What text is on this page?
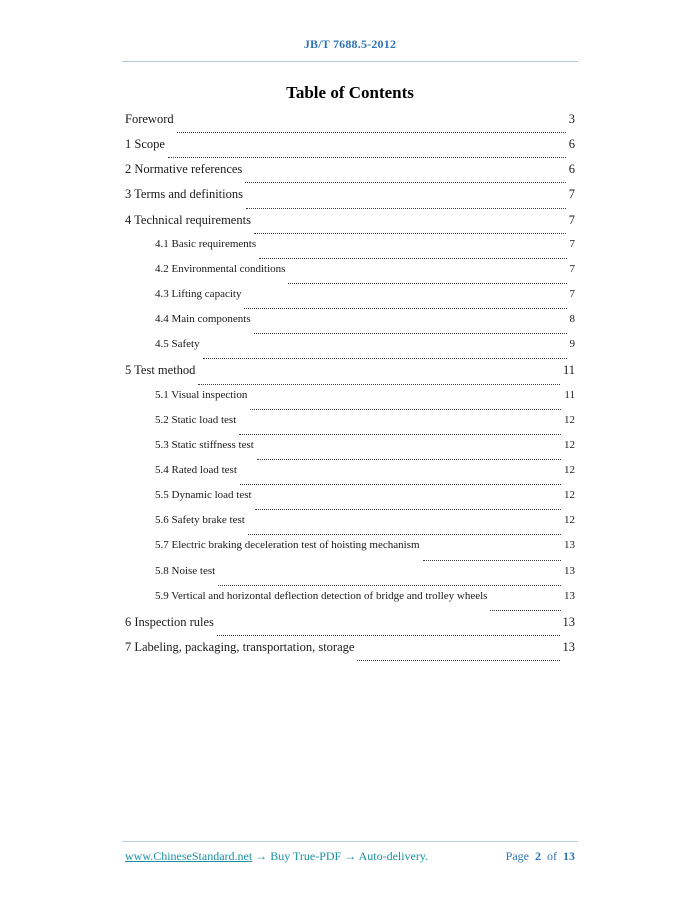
JB/T 7688.5-2012
Table of Contents
Foreword	3
1 Scope	6
2 Normative references	6
3 Terms and definitions	7
4 Technical requirements	7
4.1 Basic requirements	7
4.2 Environmental conditions	7
4.3 Lifting capacity	7
4.4 Main components	8
4.5 Safety	9
5 Test method	11
5.1 Visual inspection	11
5.2 Static load test	12
5.3 Static stiffness test	12
5.4 Rated load test	12
5.5 Dynamic load test	12
5.6 Safety brake test	12
5.7 Electric braking deceleration test of hoisting mechanism	13
5.8 Noise test	13
5.9 Vertical and horizontal deflection detection of bridge and trolley wheels	13
6 Inspection rules	13
7 Labeling, packaging, transportation, storage	13
www.ChineseStandard.net → Buy True-PDF → Auto-delivery.	Page 2 of 13
